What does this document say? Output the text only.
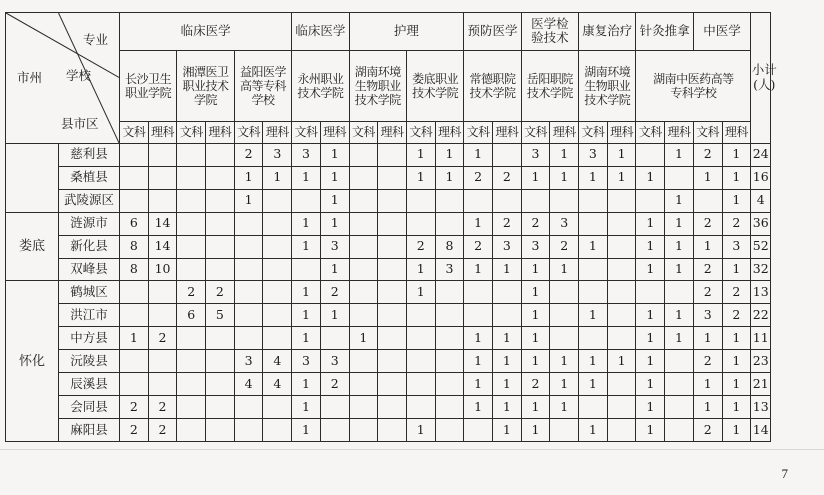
专业
学校
市州
县市区		临床医学						临床医学		护理				预防医学		医学检验技术		康复治疗		针灸推拿		中医学		小计(人)

		长沙卫生职业学院		湘潭医卫职业技术学院		益阳医学高等专科学校		永州职业技术学院		湖南环境生物职业技术学院		娄底职业技术学院		常德职院技术学院		岳阳职院技术学院		湖南环境生物职业技术学院		湖南中医药高等专科学校				

		文科	理科	文科	理科	文科	理科	文科	理科	文科	理科	文科	理科	文科	理科	文科	理科	文科	理科	文科	理科	文科	理科	
	慈利县					2	3	3	1			1	1	1		3	1	3	1		1	2	1	24
	桑植县					1	1	1	1			1	1	2	2	1	1	1	1	1		1	1	16
	武陵源区					1			1												1		1	4
娄底	涟源市	6	14					1	1					1	2	2	3			1	1	2	2	36
	新化县	8	14					1	3			2	8	2	3	3	2	1		1	1	1	3	52
	双峰县	8	10						1			1	3	1	1	1	1			1	1	2	1	32
怀化	鹤城区			2	2			1	2			1				1						2	2	13
	洪江市			6	5			1	1							1		1		1	1	3	2	22
	中方县	1	2					1		1				1	1	1				1	1	1	1	11
	沅陵县					3	4	3	3					1	1	1	1	1	1	1		2	1	23
	辰溪县					4	4	1	2					1	1	2	1	1		1		1	1	21
	会同县	2	2					1						1	1	1	1			1		1	1	13
	麻阳县	2	2					1				1			1	1		1		1		2	1	14
7
